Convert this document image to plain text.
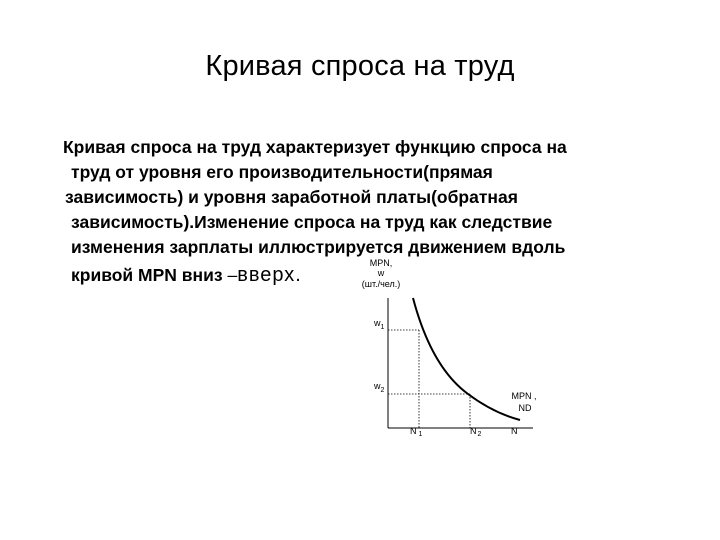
Кривая спроса на труд
Кривая спроса на труд характеризует функцию спроса на
труд от уровня его производительности(прямая
зависимость) и уровня заработной платы(обратная
зависимость).Изменение спроса на труд как следствие
изменения зарплаты иллюстрируется движением вдоль
кривой MPN вниз –вверх.
MPN,
w
(шт./чел.)
$w_1$
$w_2$
MPN ,
ND
N $_1$	$N_2$	N
